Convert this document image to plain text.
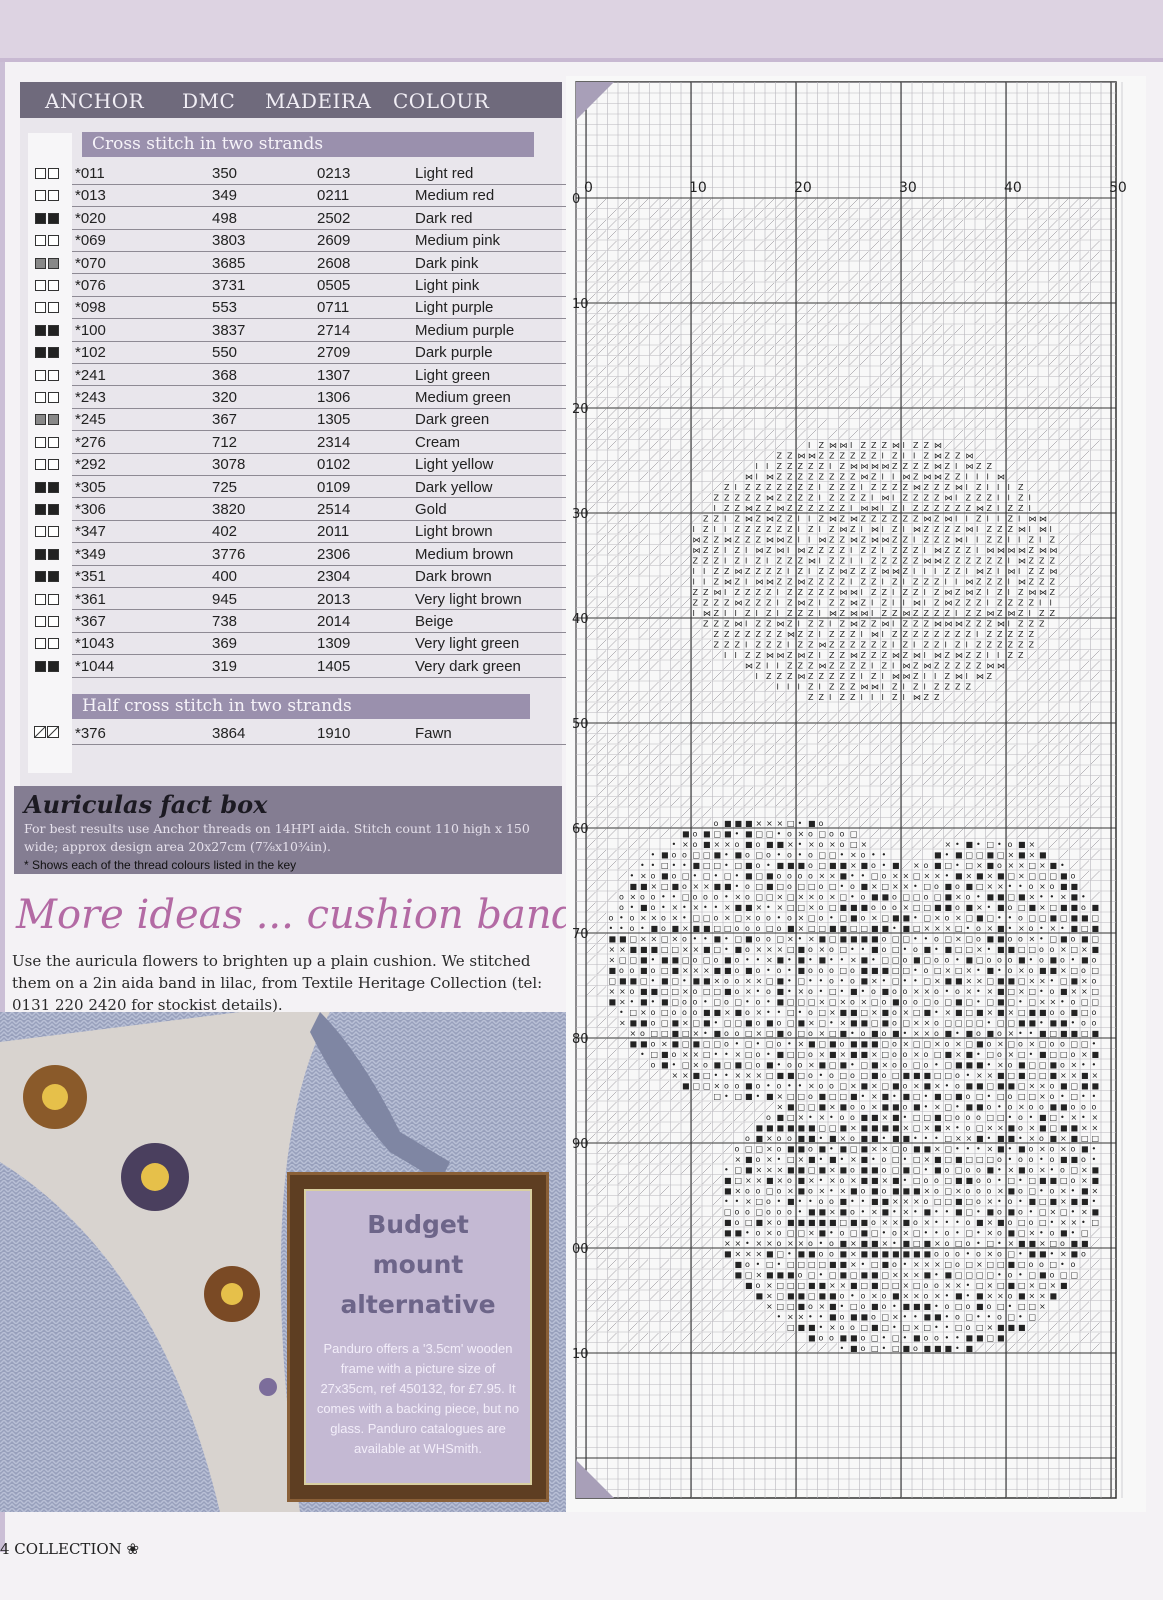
ANCHOR DMC MADEIRA COLOUR
Cross stitch in two strands
*011	350	0213	Light red
*013	349	0211	Medium red
*020	498	2502	Dark red
*069	3803	2609	Medium pink
*070	3685	2608	Dark pink
*076	3731	0505	Light pink
*098	553	0711	Light purple
*100	3837	2714	Medium purple
*102	550	2709	Dark purple
*241	368	1307	Light green
*243	320	1306	Medium green
*245	367	1305	Dark green
*276	712	2314	Cream
*292	3078	0102	Light yellow
*305	725	0109	Dark yellow
*306	3820	2514	Gold
*347	402	2011	Light brown
*349	3776	2306	Medium brown
*351	400	2304	Dark brown
*361	945	2013	Very light brown
*367	738	2014	Beige
*1043	369	1309	Very light green
*1044	319	1405	Very dark green
Half cross stitch in two strands
*376	3864	1910	Fawn
Auriculas fact box
For best results use Anchor threads on 14HPI aida. Stitch count 110 high x 150 wide; approx design area 20x27cm (7⅞x10¾in).
* Shows each of the thread colours listed in the key
More ideas ... cushion band
Use the auricula flowers to brighten up a plain cushion. We stitched them on a 2in aida band in lilac, from Textile Heritage Collection (tel: 0131 220 2420 for stockist details).
Budget
mount
alternative
Panduro offers a '3.5cm' wooden frame with a picture size of 27x35cm, ref 450132, for £7.95. It comes with a backing piece, but no glass. Panduro catalogues are available at WHSmith.
4 COLLECTION ❀
I Z ⋈ ⋈ I Z Z Z ⋈ I Z Z ⋈
Z Z ⋈ ⋈ Z Z Z Z Z Z I Z I I Z ⋈ Z Z ⋈
I I Z Z Z Z Z I Z ⋈ ⋈ ⋈ ⋈ Z Z Z Z ⋈ Z I ⋈ Z Z
⋈ I ⋈ Z Z Z Z Z Z Z Z ⋈ Z I I ⋈ Z ⋈ ⋈ Z Z I I I ⋈
Z I Z Z Z Z Z Z Z I Z Z Z I Z Z Z Z ⋈ Z Z Z ⋈ I Z I I I Z
Z Z Z Z Z ⋈ Z Z Z Z I Z Z Z Z I ⋈ I Z Z Z Z ⋈ I Z Z Z I I Z I
I Z Z ⋈ Z Z ⋈ Z Z Z Z Z Z I ⋈ ⋈ I Z I Z Z Z Z Z Z ⋈ Z I Z Z I
Z Z I Z ⋈ Z ⋈ Z Z I I Z ⋈ Z ⋈ Z Z Z Z Z Z ⋈ Z ⋈ I I Z I I Z I ⋈ ⋈
I Z I I Z Z Z Z Z Z I Z I Z ⋈ Z I ⋈ I Z I ⋈ Z Z Z Z ⋈ I Z Z Z ⋈ I ⋈ I
⋈ Z Z ⋈ Z Z Z ⋈ ⋈ Z I I ⋈ Z Z ⋈ Z ⋈ ⋈ Z Z I Z Z Z ⋈ I I Z Z I I Z I Z
⋈ Z Z I Z I ⋈ Z ⋈ I ⋈ Z Z Z Z I Z Z I Z Z Z I ⋈ Z Z Z I ⋈ ⋈ ⋈ ⋈ Z ⋈ ⋈
Z Z Z I Z I Z I Z Z Z ⋈ I Z Z I I Z Z Z Z Z ⋈ ⋈ Z Z Z Z Z Z I ⋈ Z Z Z
I I Z Z ⋈ Z Z Z Z I Z I Z Z ⋈ Z Z Z ⋈ ⋈ Z I I I Z Z I ⋈ Z I ⋈ I Z Z ⋈
I I Z ⋈ Z I ⋈ ⋈ Z Z ⋈ Z Z Z Z I Z Z I Z I Z Z Z I I ⋈ Z Z Z I ⋈ Z Z Z
Z Z ⋈ I Z Z Z Z I Z Z Z Z Z ⋈ ⋈ I Z Z I Z Z I Z ⋈ Z ⋈ Z I Z I Z ⋈ ⋈ Z
Z Z Z Z ⋈ Z Z Z I Z ⋈ Z I Z Z ⋈ Z I Z I I ⋈ I Z ⋈ Z Z Z I Z Z Z Z I I
I ⋈ Z I I Z I Z I Z Z Z I ⋈ Z ⋈ ⋈ I Z Z ⋈ Z Z Z Z I Z Z ⋈ Z ⋈ Z I Z Z
Z Z Z ⋈ I Z Z ⋈ Z I Z Z I Z ⋈ Z Z ⋈ I Z Z Z ⋈ ⋈ ⋈ Z Z Z ⋈ I Z Z Z
Z Z Z Z Z Z Z ⋈ Z Z I Z Z Z I ⋈ I Z Z Z Z Z Z Z Z I Z Z Z Z Z
Z Z Z I Z Z Z I Z Z ⋈ Z Z Z Z Z Z I Z I Z Z I Z I Z Z Z Z Z Z
I I Z Z ⋈ ⋈ Z ⋈ Z I Z Z ⋈ Z Z Z ⋈ Z ⋈ I ⋈ Z ⋈ Z Z I I Z Z
⋈ Z I I Z Z Z ⋈ Z Z Z Z I Z I ⋈ Z ⋈ Z Z Z Z Z ⋈ ⋈
I Z Z Z ⋈ Z Z Z Z Z I Z I ⋈ ⋈ Z I I Z ⋈ I ⋈ Z
I I I Z I Z Z Z ⋈ ⋈ I Z I Z I Z Z Z Z
Z Z I Z Z I I I Z I ⋈ Z Z
o ■ ■ ■ × × × □ • ■ o
■ o ■ □ ■ • ■ □ □ • o × o □ o o □
• × o ■ × × o ■ o ■ ■ × • × o × o □ ×	× • ■ • □ • o ■ ×
• ■ o o □ □ ■ • ■ o □ o • o • o □ □ • × o • •	■ • ■ □ □ ■ □ × ■ × ■
• • □ • • ■ □ □ • □ ■ o • ■ ■ ■ o □ ■ ■ × ■ o • ■ × o ■ □ • □ × ■ o × × □ × ■ •
• × o ■ o □ • □ • □ • ■ □ ■ o o o o × × ■ • • □ o × × □ × × • ■ × ■ × ■ □ × □ □ □ ■ o
■ ■ × □ ■ o × × ■ ■ • o □ ■ □ o □ □ o □ • o ■ × □ × × • □ o ■ o ■ □ × × • • o × o ■ ■
o × o o • • □ o o o • × o □ □ × □ × × o × □ • o ■ ■ o □ □ o □ ■ × o • ■ ■ □ ■ × • • × ■ •
o • ■ o • × • × • • × ■ ■ × • × □ □ × o □ ■ ■ ■ o o o × □ □ ■ ■ o ■ × • ■ o □ ■ × □ ■ ■ o ■
o • o × × o × • □ □ o × □ × o o • o × □ o • □ ■ o × □ ■ ■ • □ × o × □ ■ □ • • o □ □ ■ □ ■ ■ □
• • o • ■ o ■ × ■ ■ □ □ o o o □ o ■ × □ □ ■ ■ □ □ ■ ■ • ■ □ × × × □ • o × ■ • × o • × • ■ □ ■
■ ■ □ × × □ × o • • ■ • □ ■ o o □ × • × ■ □ ■ ■ ■ ■ o □ □ • • o □ × □ o ■ ■ o o × • □ ■ o ■ □
× × ■ ■ ■ □ □ × × ■ □ • ■ o × × × □ ■ o × o □ • • ■ o □ • o ■ • ■ □ □ × • ■ ■ □ □ o o × □ × ■
× □ □ ■ • ■ ■ □ o □ o ■ o • • × ■ • ■ • ■ • • × ■ • □ □ o ■ □ o o • ■ □ o o o ■ • o ■ o • ■ o
■ o o ■ o □ ■ × × × ■ ■ o ■ o • o • ■ o o o □ o ■ ■ ■ □ □ • o □ × □ × • ■ • o × o ■ ■ × □ o □
□ ■ ■ □ • ■ □ • ■ ■ × o o × × □ ■ • □ • • o • o ■ × • □ • • □ × ■ ■ × × □ ■ ■ □ × × • □ ■ × o
× × o ■ ■ □ □ × o □ □ ■ o × • o ■ • × o • □ • ■ • o ■ o o × × o • o × • × ■ □ × □ • o ■ × × □
■ × • ■ • ■ □ o o • □ o □ • o • ■ □ □ □ × □ × o × □ o ■ o o □ o □ ■ □ • □ ■ □ • □ × × • o □ □
• □ × o □ o o o ■ ■ × ■ o × • • □ • o □ × ■ ■ □ × ■ o × □ ■ • × ■ □ ■ × ■ × □ ■ ■ o o ■ □ o
× ■ ■ o □ ■ × □ ■ • □ □ ■ o ■ o □ ■ × □ • × ■ ■ □ ■ o □ × × o □ □ □ □ • □ □ ■ ■ • ■ ■ • o o
× o □ □ ■ □ × • ■ o o □ × □ ■ o □ o × □ ■ • o ■ o ■ • × × o ■ • ■ o ■ o × • • ■ □ ■ ■ □ ■
■ ■ o × ■ □ ■ □ □ o • □ • □ o • × ■ □ ■ o ■ ■ ■ □ o × □ □ × o × □ ■ o × □ o × □ o o □ □ •
• □ ■ o × × □ • • × □ o • ■ □ □ o × ■ × ■ ■ × □ o o × o □ ■ × ■ • □ o × □ • ■ □ □ o × ■
o ■ • □ × o ■ □ ■ □ o ■ • o o × ■ □ ■ • □ ■ × o o □ o • □ ■ ■ ■ • × o ■ □ □ ■ o × • •
× × ■ □ • • × × × □ ■ ■ □ o • o □ o □ ■ o □ ■ ■ ■ □ □ o • × × ■ □ ■ □ □ ■ × × ■ ×
■ □ □ × o o ■ o • o • • × o o □ × ■ × □ ■ o × ■ × • o ■ ■ □ ■ ■ □ × × o ■ □ ■ ■
□ • □ ■ • ■ × □ □ o ■ □ □ ■ • × ■ • ■ □ • ■ □ ■ o □ • □ o □ □ × o • □ • •
× ■ □ □ ■ × ■ o o × ■ ■ o ■ • × □ • ■ ■ o • o × o o ■ ■ o o o
o ■ □ × • × • o o ■ ■ × ■ • □ □ ■ □ o o o □ □ • o • ■ □ • × • ×
■ ■ ■ ■ ■ ■ □ □ ■ × ■ ■ ■ ■ × □ × ■ × • o □ × × ■ o × ■ □ ■ ■ × ×
o ■ × o o ■ ■ • ■ × o ■ ■ • ■ ■ • • • □ × × ■ • ■ ■ • × o ■ × ■ □ □
o □ □ × o ■ ■ o ■ • ■ □ ■ × × □ o ■ ■ × □ • • • × ■ • ■ o × o × o ■ •
× ■ o × • □ × ■ • ■ • × ■ • o □ • □ × ■ □ ■ □ □ □ o • o o • o ■ ■ o •
• □ ■ × × × ■ ■ □ ■ × ■ o ■ ■ o □ ■ □ • ■ o □ o o ■ • × ■ o × • o □ × ■
■ □ × × ■ × o ■ × • × o × ■ ■ × ■ • □ o o □ ■ ■ o o • □ • □ ■ ■ □ o × ■
■ × o o □ o × ■ o × • × ■ o ■ o ■ ■ ■ × o □ × o o o × ■ o □ • o × • ■ ×
• • × □ o • ■ • • o o ■ • • ■ ■ × × × o □ □ ■ □ o × • o • ■ □ ■ × ■ ■ •
□ o o □ o o o • ■ ■ × ■ o • × ■ • × • ■ • • ■ □ • ■ o ■ o • □ × □ • × ■
■ o □ ■ × o ■ ■ ■ ■ ■ □ ■ ■ o × × ■ o × • • • o ■ × ■ o □ o □ • × × • □
■ ■ • o × o □ □ × ■ • o □ ■ □ • o × □ • • o • □ • × o ■ □ × • o ■ • □
× × • × × o × × o • o ■ × ■ ■ × • ■ □ ■ × o □ o • □ • × ■ ■ × □ o ■ ■
■ × × × ■ □ • ■ ■ o o ■ × ■ ■ ■ ■ ■ ■ ■ o o o • o × o □ • ■ ■ • × ■ o
■ o • □ • □ □ □ □ ■ ■ × • □ ■ o • × × × □ o □ × □ □ ■ □ o o □ • o
■ □ × ■ ■ ■ o □ • □ ■ □ ■ ■ □ × × × ■ • ■ □ □ □ □ • o • □ ■ o □ □
■ o × □ □ □ ■ ■ × × ■ □ ■ □ □ × □ o o × × • □ × □ ■ □ × □ × ■
■ × □ ■ ■ □ ■ ■ o • o × o ■ × × o × • ■ • ■ × × o ■ × × ■
× □ □ ■ o × ■ • □ o ■ o • ■ ■ ■ • o □ o ■ o □ • □ □ ×
• × × • • ■ o ■ ■ o □ × • • ■ ■ • o □ • • o □ • □
□ ■ ■ • × o o □ ■ □ • □ × □ • • □ o □ × ■ ■ ■
■ o o ■ ■ o □ • □ • ■ o o • • ■ ■ □ ■
• ■ o □ • □ ■ o ■ ■ ■ • ■
0	10	20	30	40	50
0
10
20
30
40
50
60
70
80
90
00
10
